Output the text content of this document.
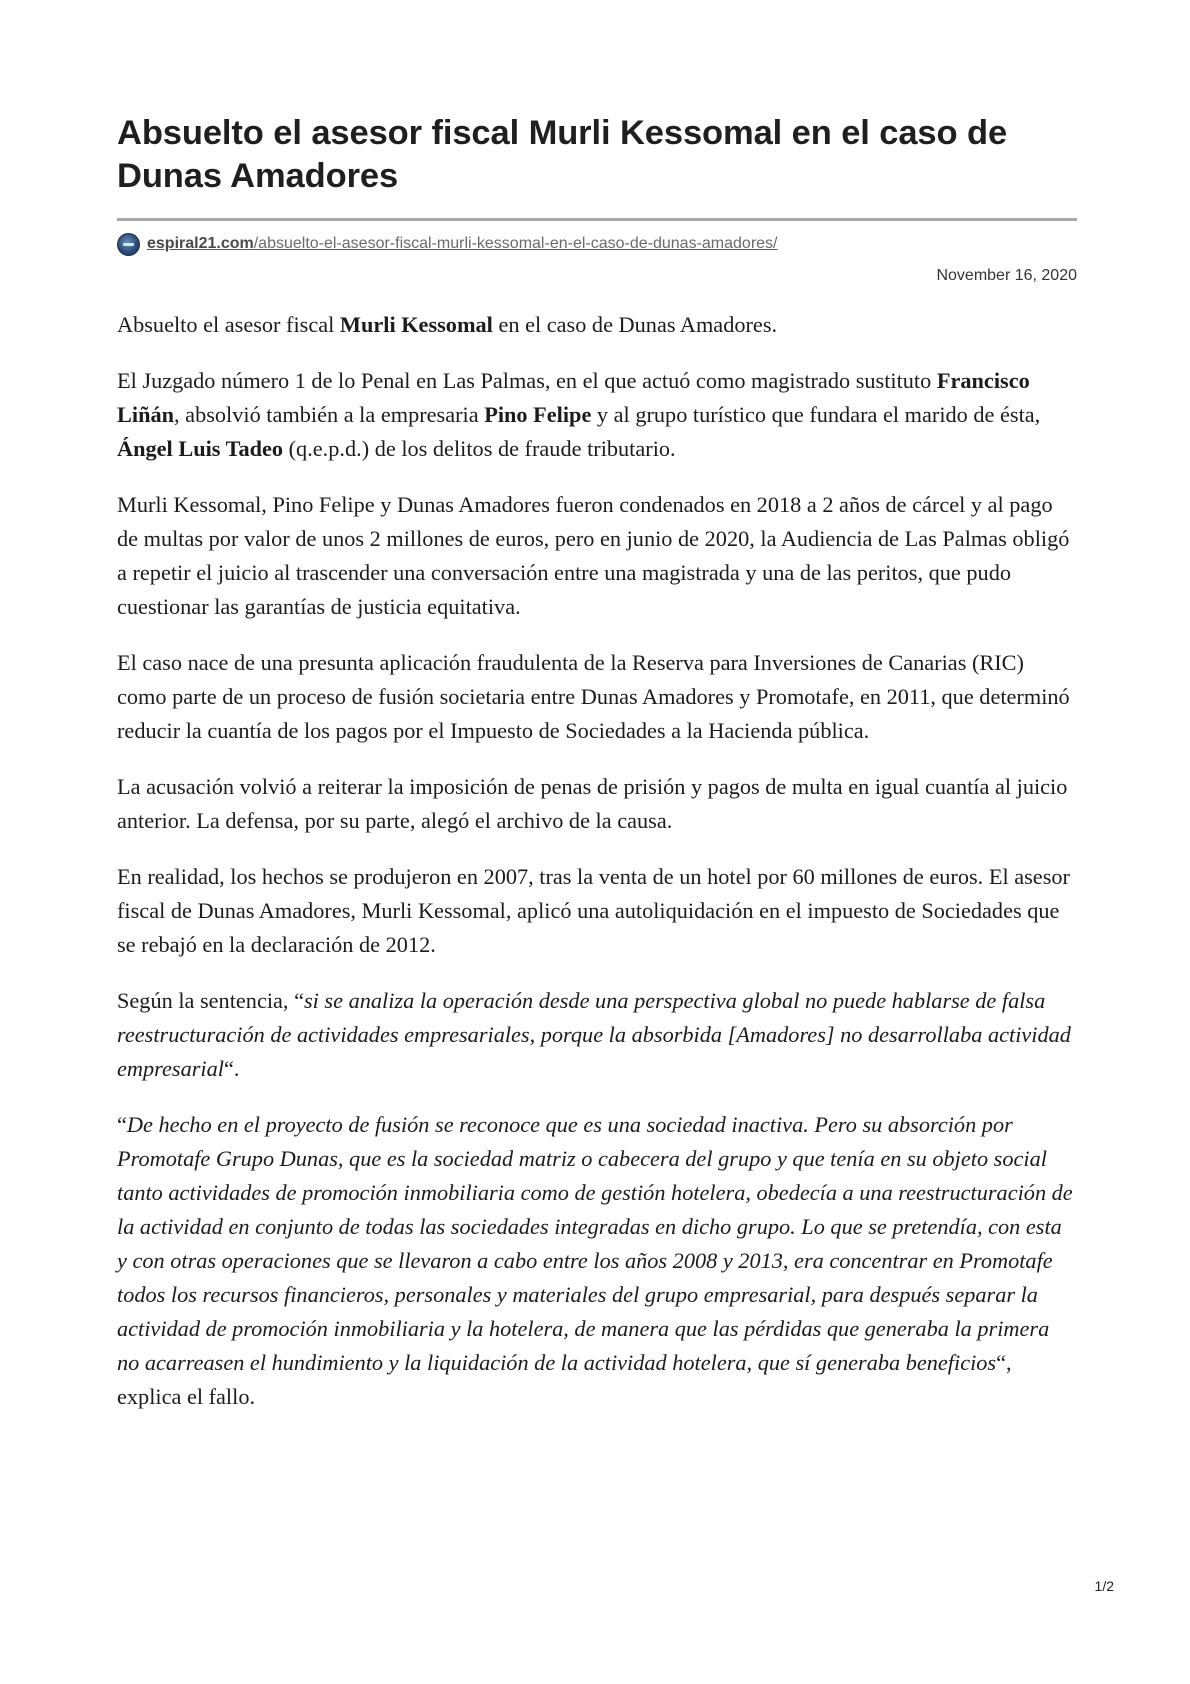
Absuelto el asesor fiscal Murli Kessomal en el caso de Dunas Amadores
espiral21.com/absuelto-el-asesor-fiscal-murli-kessomal-en-el-caso-de-dunas-amadores/
November 16, 2020

Absuelto el asesor fiscal Murli Kessomal en el caso de Dunas Amadores.

El Juzgado número 1 de lo Penal en Las Palmas, en el que actuó como magistrado sustituto Francisco Liñán, absolvió también a la empresaria Pino Felipe y al grupo turístico que fundara el marido de ésta, Ángel Luis Tadeo (q.e.p.d.) de los delitos de fraude tributario.

Murli Kessomal, Pino Felipe y Dunas Amadores fueron condenados en 2018 a 2 años de cárcel y al pago de multas por valor de unos 2 millones de euros, pero en junio de 2020, la Audiencia de Las Palmas obligó a repetir el juicio al trascender una conversación entre una magistrada y una de las peritos, que pudo cuestionar las garantías de justicia equitativa.

El caso nace de una presunta aplicación fraudulenta de la Reserva para Inversiones de Canarias (RIC) como parte de un proceso de fusión societaria entre Dunas Amadores y Promotafe, en 2011, que determinó reducir la cuantía de los pagos por el Impuesto de Sociedades a la Hacienda pública.

La acusación volvió a reiterar la imposición de penas de prisión y pagos de multa en igual cuantía al juicio anterior. La defensa, por su parte, alegó el archivo de la causa.

En realidad, los hechos se produjeron en 2007, tras la venta de un hotel por 60 millones de euros. El asesor fiscal de Dunas Amadores, Murli Kessomal, aplicó una autoliquidación en el impuesto de Sociedades que se rebajó en la declaración de 2012.

Según la sentencia, “si se analiza la operación desde una perspectiva global no puede hablarse de falsa reestructuración de actividades empresariales, porque la absorbida [Amadores] no desarrollaba actividad empresarial“.

“De hecho en el proyecto de fusión se reconoce que es una sociedad inactiva. Pero su absorción por Promotafe Grupo Dunas, que es la sociedad matriz o cabecera del grupo y que tenía en su objeto social tanto actividades de promoción inmobiliaria como de gestión hotelera, obedecía a una reestructuración de la actividad en conjunto de todas las sociedades integradas en dicho grupo. Lo que se pretendía, con esta y con otras operaciones que se llevaron a cabo entre los años 2008 y 2013, era concentrar en Promotafe todos los recursos financieros, personales y materiales del grupo empresarial, para después separar la actividad de promoción inmobiliaria y la hotelera, de manera que las pérdidas que generaba la primera no acarreasen el hundimiento y la liquidación de la actividad hotelera, que sí generaba beneficios“, explica el fallo.

1/2
